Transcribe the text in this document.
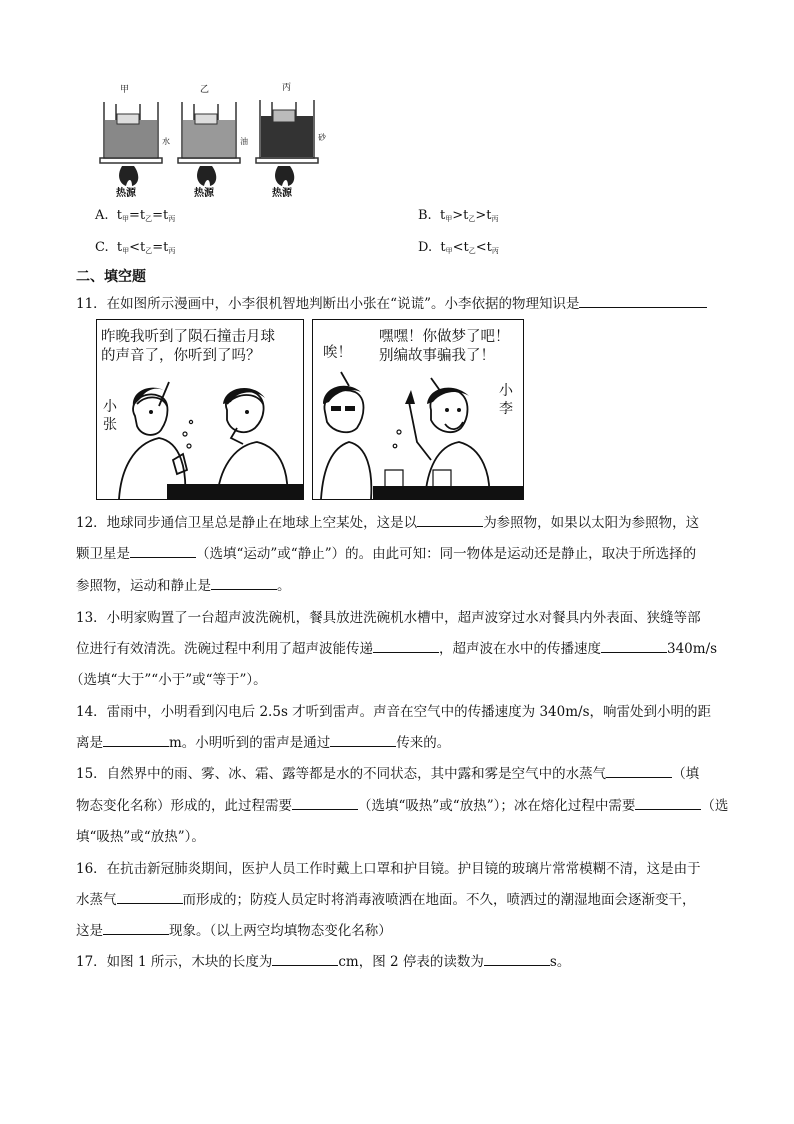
甲	乙	丙
水	油	砂
热源	热源	热源
A. $t_甲=t_乙=t_丙$	B. $t_甲>t_乙>t_丙$
C. $t_甲<t_乙=t_丙$	D. $t_甲<t_乙<t_丙$
二、填空题
11．在如图所示漫画中，小李很机智地判断出小张在“说谎”。小李依据的物理知识是
昨晚我听到了陨石撞击月球
的声音了，你听到了吗？
小
张
唉！
嘿嘿！你做梦了吧！
别编故事骗我了！
小
李
12．地球同步通信卫星总是静止在地球上空某处，这是以	为参照物，如果以太阳为参照物，这
颗卫星是	（选填“运动”或“静止”）的。由此可知：同一物体是运动还是静止，取决于所选择的
参照物，运动和静止是	。
13．小明家购置了一台超声波洗碗机，餐具放进洗碗机水槽中，超声波穿过水对餐具内外表面、狭缝等部
位进行有效清洗。洗碗过程中利用了超声波能传递	，超声波在水中的传播速度	340m/s
（选填“大于”“小于”或“等于”）。
14．雷雨中，小明看到闪电后 2.5s 才听到雷声。声音在空气中的传播速度为 340m/s，响雷处到小明的距
离是	m。小明听到的雷声是通过	传来的。
15．自然界中的雨、雾、冰、霜、露等都是水的不同状态，其中露和雾是空气中的水蒸气	（填
物态变化名称）形成的，此过程需要	（选填“吸热”或“放热”）；冰在熔化过程中需要	（选
填“吸热”或“放热”）。
16．在抗击新冠肺炎期间，医护人员工作时戴上口罩和护目镜。护目镜的玻璃片常常模糊不清，这是由于
水蒸气	而形成的；防疫人员定时将消毒液喷洒在地面。不久，喷洒过的潮湿地面会逐渐变干，
这是	现象。（以上两空均填物态变化名称）
17．如图 1 所示，木块的长度为	cm，图 2 停表的读数为	s。
